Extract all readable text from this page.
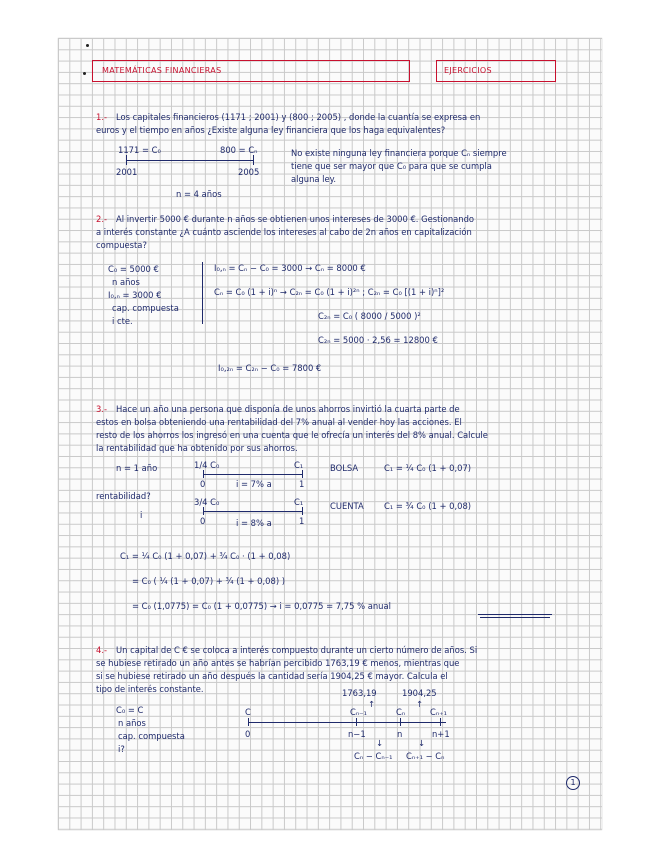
MATEMÁTICAS FINANCIERAS	EJERCICIOS
1.- Los capitales financieros (1171 ; 2001) y (800 ; 2005) , donde la cuantía se expresa en
euros y el tiempo en años ¿Existe alguna ley financiera que los haga equivalentes?
1171 = C₀	800 = Cₙ
2001	2005
n = 4 años
No existe ninguna ley financiera porque Cₙ siempre
tiene que ser mayor que C₀ para que se cumpla
alguna ley.
2.- Al invertir 5000 € durante n años se obtienen unos intereses de 3000 €. Gestionando
a interés constante ¿A cuánto asciende los intereses al cabo de 2n años en capitalización
compuesta?
C₀ = 5000 €
n años
I₀,ₙ = 3000 €
cap. compuesta
i cte.
I₀,ₙ = Cₙ − C₀ = 3000 → Cₙ = 8000 €
Cₙ = C₀ (1 + i)ⁿ → C₂ₙ = C₀ (1 + i)²ⁿ ; C₂ₙ = C₀ [(1 + i)ⁿ]²
C₂ₙ = C₀ ( 8000 / 5000 )²
C₂ₙ = 5000 · 2,56 = 12800 €
I₀,₂ₙ = C₂ₙ − C₀ = 7800 €
3.- Hace un año una persona que disponía de unos ahorros invirtió la cuarta parte de
estos en bolsa obteniendo una rentabilidad del 7% anual al vender hoy las acciones. El
resto de los ahorros los ingresó en una cuenta que le ofrecía un interés del 8% anual. Calcule
la rentabilidad que ha obtenido por sus ahorros.
n = 1 año
rentabilidad?
i
1/4 C₀	C₁
0	i = 7% a	1
3/4 C₀	C₁
0	i = 8% a	1
BOLSA	C₁ = ¼ C₀ (1 + 0,07)
CUENTA C₁ = ¾ C₀ (1 + 0,08)
C₁ = ¼ C₀ (1 + 0,07) + ¾ C₀ · (1 + 0,08)
= C₀ ( ¼ (1 + 0,07) + ¾ (1 + 0,08) )
= C₀ (1,0775) = C₀ (1 + 0,0775) → i = 0,0775 = 7,75 % anual
4.- Un capital de C € se coloca a interés compuesto durante un cierto número de años. Si
se hubiese retirado un año antes se habrían percibido 1763,19 € menos, mientras que
si se hubiese retirado un año después la cantidad sería 1904,25 € mayor. Calcula el
tipo de interés constante.
C₀ = C
n años
cap. compuesta
i?
1763,19	1904,25
↑	↑
C	Cₙ₋₁	Cₙ	Cₙ₊₁
0	n−1	n	n+1
↓	↓
Cₙ − Cₙ₋₁ Cₙ₊₁ − Cₙ
1
